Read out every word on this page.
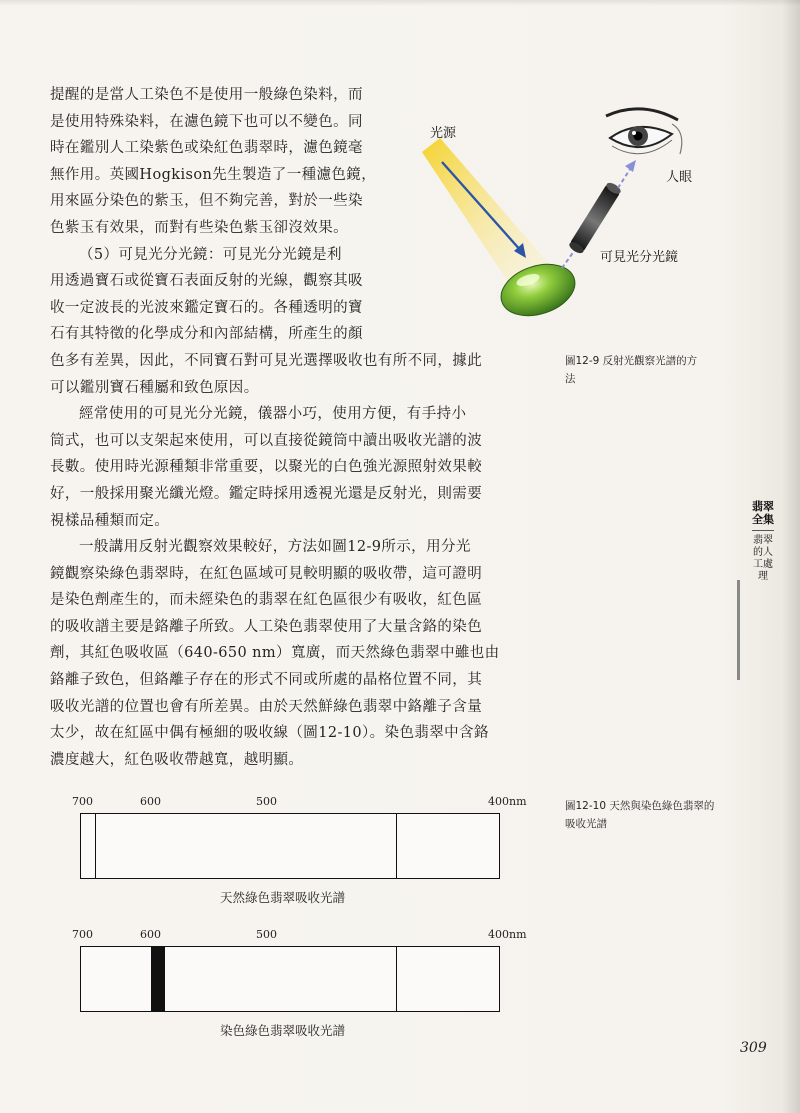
提醒的是當人工染色不是使用一般綠色染料，而
是使用特殊染料，在濾色鏡下也可以不變色。同
時在鑑別人工染紫色或染紅色翡翠時，濾色鏡毫
無作用。英國Hogkison先生製造了一種濾色鏡，
用來區分染色的紫玉，但不夠完善，對於一些染
色紫玉有效果，而對有些染色紫玉卻沒效果。
（5）可見光分光鏡：可見光分光鏡是利
用透過寶石或從寶石表面反射的光線，觀察其吸
收一定波長的光波來鑑定寶石的。各種透明的寶
石有其特徵的化學成分和內部結構，所產生的顏
色多有差異，因此，不同寶石對可見光選擇吸收也有所不同，據此
可以鑑別寶石種屬和致色原因。
經常使用的可見光分光鏡，儀器小巧，使用方便，有手持小
筒式，也可以支架起來使用，可以直接從鏡筒中讀出吸收光譜的波
長數。使用時光源種類非常重要，以聚光的白色強光源照射效果較
好，一般採用聚光纖光燈。鑑定時採用透視光還是反射光，則需要
視樣品種類而定。
一般講用反射光觀察效果較好，方法如圖12-9所示，用分光
鏡觀察染綠色翡翠時，在紅色區域可見較明顯的吸收帶，這可證明
是染色劑產生的，而未經染色的翡翠在紅色區很少有吸收，紅色區
的吸收譜主要是鉻離子所致。人工染色翡翠使用了大量含鉻的染色
劑，其紅色吸收區（640-650 nm）寬廣，而天然綠色翡翠中雖也由
鉻離子致色，但鉻離子存在的形式不同或所處的晶格位置不同，其
吸收光譜的位置也會有所差異。由於天然鮮綠色翡翠中鉻離子含量
太少，故在紅區中偶有極細的吸收線（圖12-10）。染色翡翠中含鉻
濃度越大，紅色吸收帶越寬，越明顯。
光源
人眼
可見光分光鏡
圖12-9 反射光觀察光譜的方法
圖12-10 天然與染色綠色翡翠的吸收光譜
翡翠全集
翡翠的人工處理
700	600	500	400nm
天然綠色翡翠吸收光譜
700	600	500	400nm
染色綠色翡翠吸收光譜
309
